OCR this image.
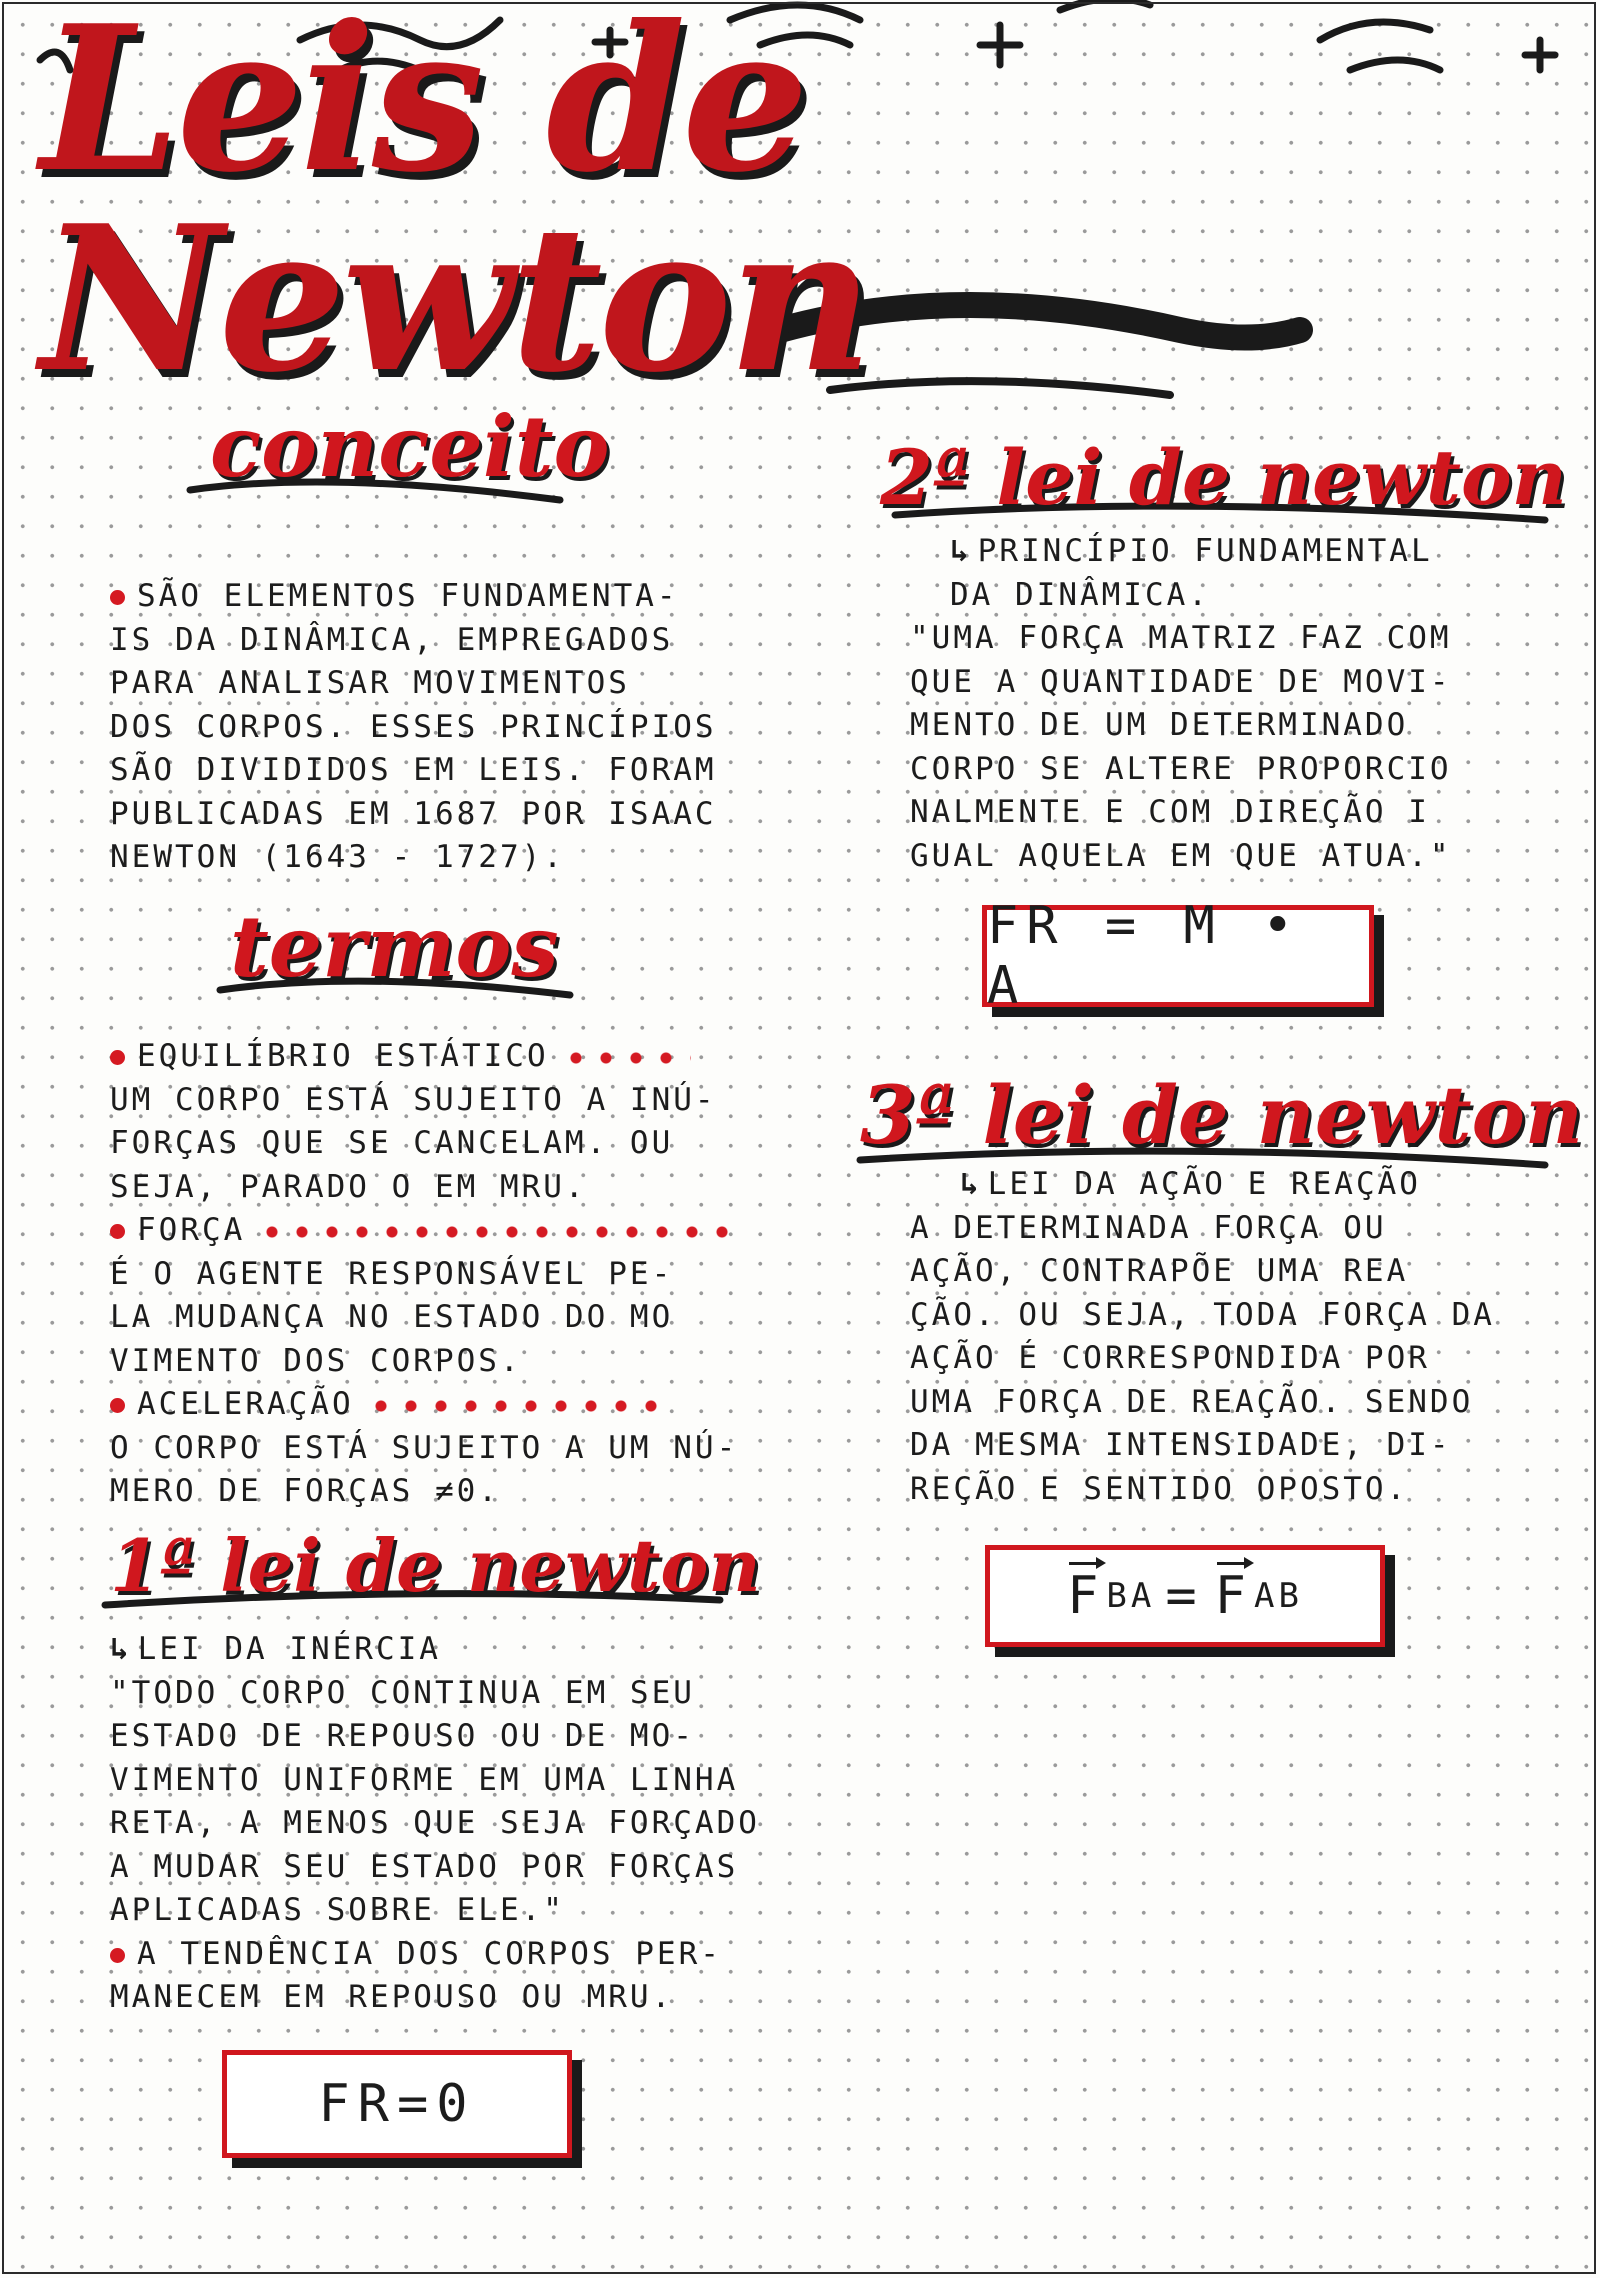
Leis de Newton
conceito
SÃO ELEMENTOS FUNDAMENTA-
IS DA DINÂMICA, EMPREGADOS
PARA ANALISAR MOVIMENTOS
DOS CORPOS. ESSES PRINCÍPIOS
SÃO DIVIDIDOS EM LEIS. FORAM
PUBLICADAS EM 1687 POR ISAAC
NEWTON (1643 - 1727).
termos
EQUILÍBRIO ESTÁTICO
UM CORPO ESTÁ SUJEITO A INÚ-
FORÇAS QUE SE CANCELAM. OU
SEJA, PARADO O EM MRU.
FORÇA
É O AGENTE RESPONSÁVEL PE-
LA MUDANÇA NO ESTADO DO MO
VIMENTO DOS CORPOS.
ACELERAÇÃO
O CORPO ESTÁ SUJEITO A UM NÚ-
MERO DE FORÇAS ≠0.
1ª lei de newton
↳ LEI DA INÉRCIA
"TODO CORPO CONTINUA EM SEU
ESTADO DE REPOUSO OU DE MO-
VIMENTO UNIFORME EM UMA LINHA
RETA, A MENOS QUE SEJA FORÇADO
A MUDAR SEU ESTADO POR FORÇAS
APLICADAS SOBRE ELE."
A TENDÊNCIA DOS CORPOS PER-
MANECEM EM REPOUSO OU MRU.
FR=0
2ª lei de newton
↳ PRINCÍPIO FUNDAMENTAL
DA DINÂMICA.
"UMA FORÇA MATRIZ FAZ COM
QUE A QUANTIDADE DE MOVI-
MENTO DE UM DETERMINADO
CORPO SE ALTERE PROPORCIO
NALMENTE E COM DIREÇÃO I
GUAL AQUELA EM QUE ATUA."
FR = M • A
3ª lei de newton
↳ LEI DA AÇÃO E REAÇÃO
A DETERMINADA FORÇA OU
AÇÃO, CONTRAPÕE UMA REA
ÇÃO. OU SEJA, TODA FORÇA DA
AÇÃO É CORRESPONDIDA POR
UMA FORÇA DE REAÇÃO. SENDO
DA MESMA INTENSIDADE, DI-
REÇÃO E SENTIDO OPOSTO.
F BA = F AB
